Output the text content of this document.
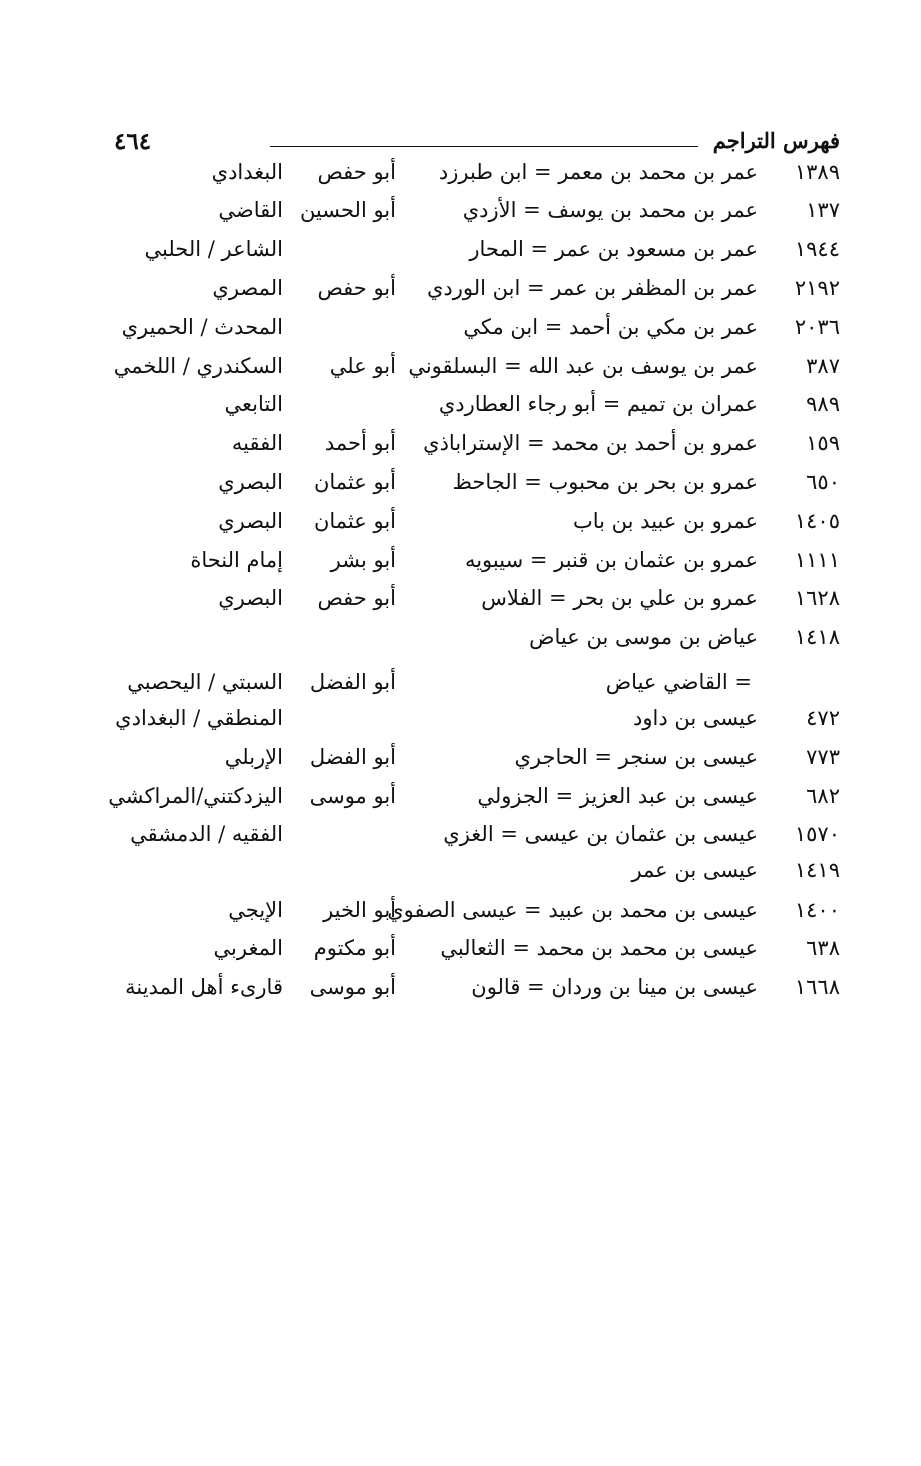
٤٦٤	فهرس التراجم
١٣٨٩
عمر بن محمد بن معمر = ابن طبرزد
أبو حفص
البغدادي
١٣٧
عمر بن محمد بن يوسف = الأزدي
أبو الحسين
القاضي
١٩٤٤
عمر بن مسعود بن عمر = المحار
الشاعر / الحلبي
٢١٩٢
عمر بن المظفر بن عمر = ابن الوردي
أبو حفص
المصري
٢٠٣٦
عمر بن مكي بن أحمد = ابن مكي
المحدث / الحميري
٣٨٧
عمر بن يوسف بن عبد الله = البسلقوني
أبو علي
السكندري / اللخمي
٩٨٩
عمران بن تميم = أبو رجاء العطاردي
التابعي
١٥٩
عمرو بن أحمد بن محمد = الإستراباذي
أبو أحمد
الفقيه
٦٥٠
عمرو بن بحر بن محبوب = الجاحظ
أبو عثمان
البصري
١٤٠٥
عمرو بن عبيد بن باب
أبو عثمان
البصري
١١١١
عمرو بن عثمان بن قنبر = سيبويه
أبو بشر
إمام النحاة
١٦٢٨
عمرو بن علي بن بحر = الفلاس
أبو حفص
البصري
١٤١٨
عياض بن موسى بن عياض
= القاضي عياض
أبو الفضل
السبتي / اليحصبي
٤٧٢
عيسى بن داود
المنطقي / البغدادي
٧٧٣
عيسى بن سنجر = الحاجري
أبو الفضل
الإربلي
٦٨٢
عيسى بن عبد العزيز = الجزولي
أبو موسى
اليزدكتني/المراكشي
١٥٧٠
عيسى بن عثمان بن عيسى = الغزي
الفقيه / الدمشقي
١٤١٩
عيسى بن عمر
١٤٠٠
عيسى بن محمد بن عبيد = عيسى الصفوي
أبو الخير
الإيجي
٦٣٨
عيسى بن محمد بن محمد = الثعالبي
أبو مكتوم
المغربي
١٦٦٨
عيسى بن مينا بن وردان = قالون
أبو موسى
قارىء أهل المدينة
